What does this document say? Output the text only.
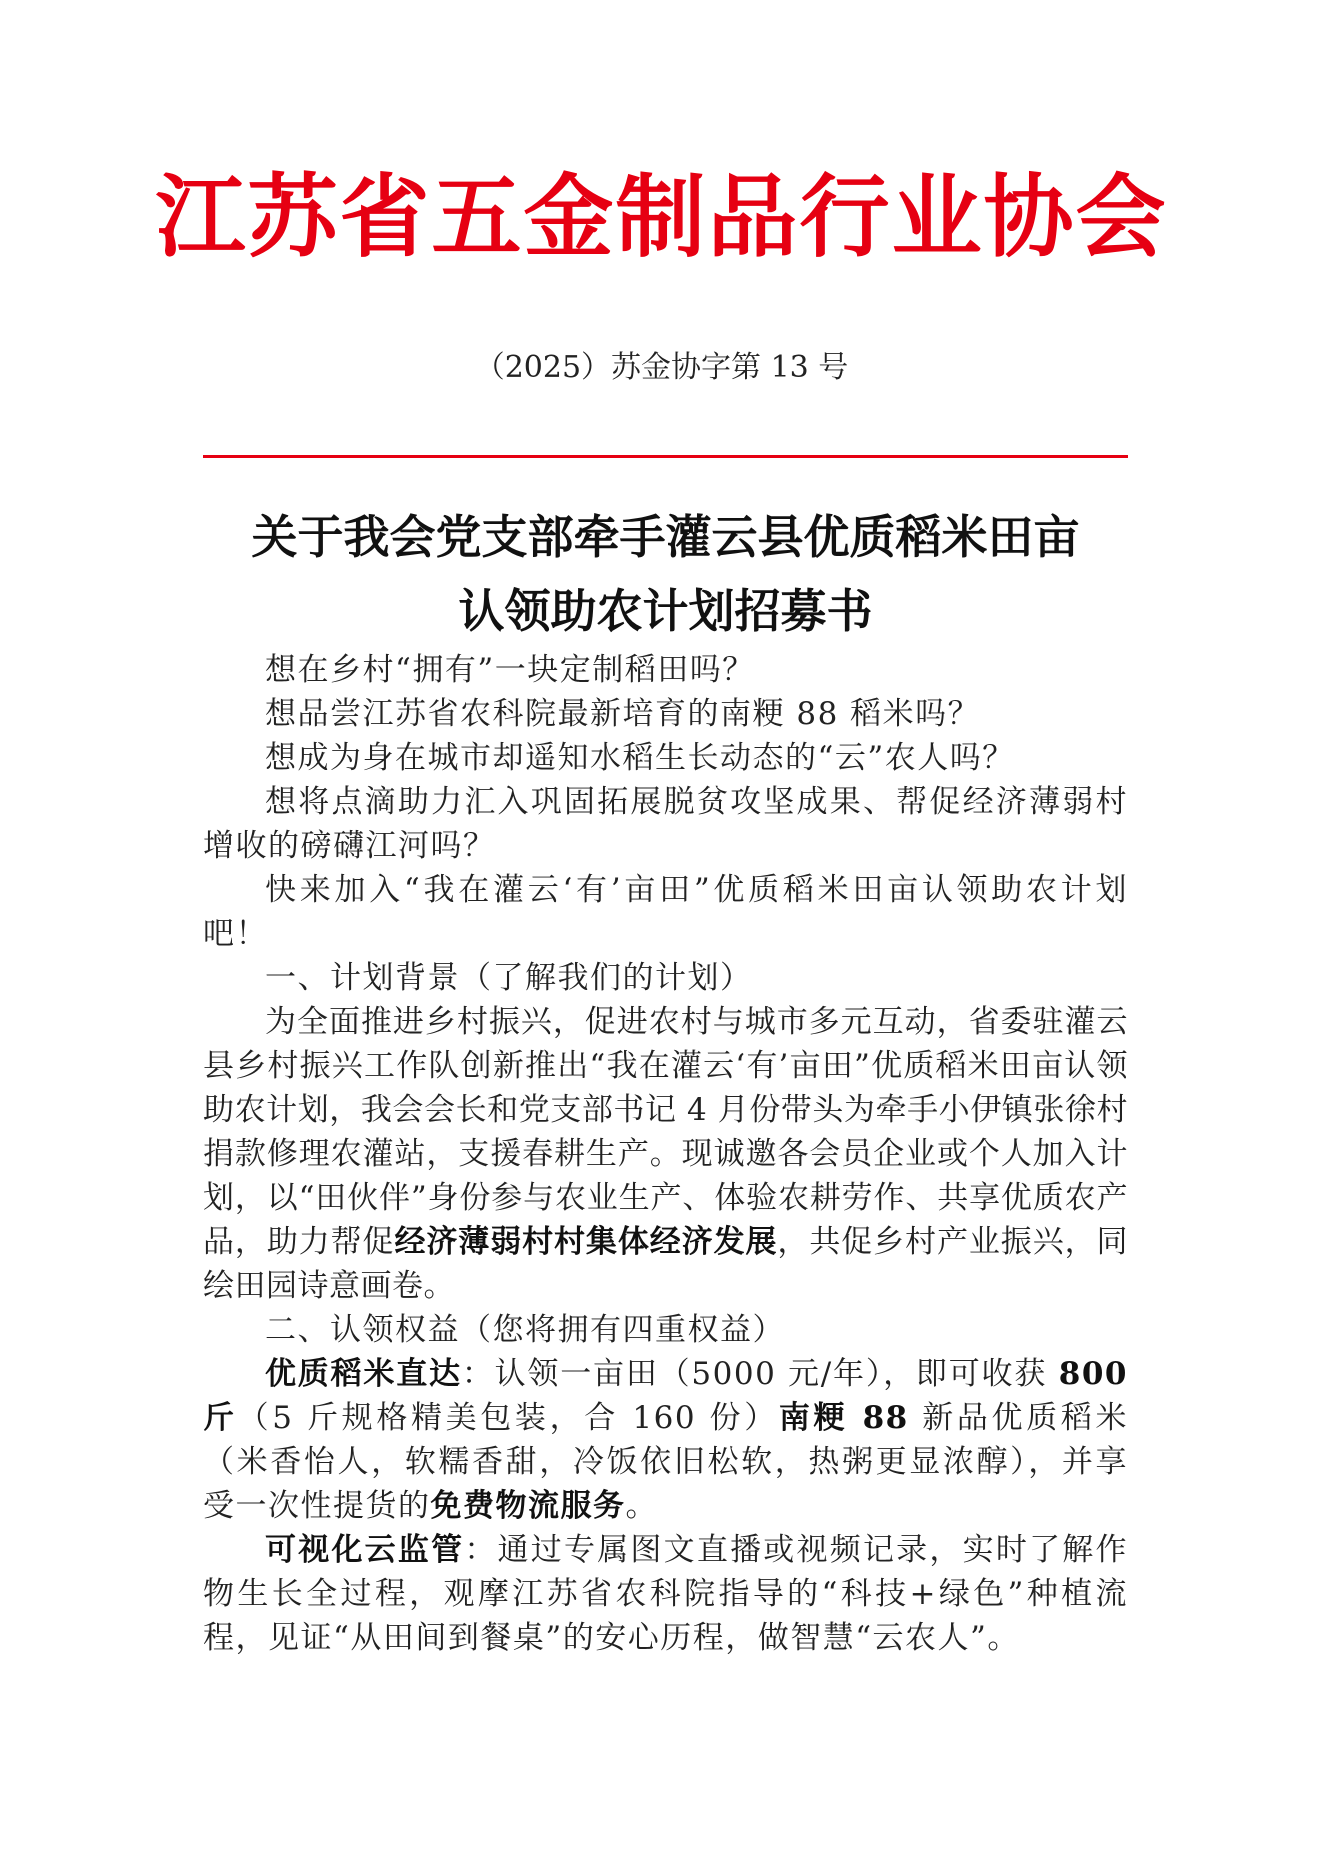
江苏省五金制品行业协会
（2025）苏金协字第 13 号
关于我会党支部牵手灌云县优质稻米田亩
认领助农计划招募书

想在乡村“拥有”一块定制稻田吗？

想品尝江苏省农科院最新培育的南粳 88 稻米吗？

想成为身在城市却遥知水稻生长动态的“云”农人吗？

想将点滴助力汇入巩固拓展脱贫攻坚成果、帮促经济薄弱村增收的磅礴江河吗？

快来加入“我在灌云‘有’亩田”优质稻米田亩认领助农计划吧！

一、计划背景（了解我们的计划）

为全面推进乡村振兴，促进农村与城市多元互动，省委驻灌云县乡村振兴工作队创新推出“我在灌云‘有’亩田”优质稻米田亩认领助农计划，我会会长和党支部书记 4 月份带头为牵手小伊镇张徐村捐款修理农灌站，支援春耕生产。现诚邀各会员企业或个人加入计划，以“田伙伴”身份参与农业生产、体验农耕劳作、共享优质农产品，助力帮促经济薄弱村村集体经济发展，共促乡村产业振兴，同绘田园诗意画卷。

二、认领权益（您将拥有四重权益）

优质稻米直达：认领一亩田（5000 元/年），即可收获 800 斤（5 斤规格精美包装，合 160 份）南粳 88 新品优质稻米（米香怡人，软糯香甜，冷饭依旧松软，热粥更显浓醇），并享受一次性提货的免费物流服务。

可视化云监管：通过专属图文直播或视频记录，实时了解作物生长全过程，观摩江苏省农科院指导的“科技+绿色”种植流程，见证“从田间到餐桌”的安心历程，做智慧“云农人”。
